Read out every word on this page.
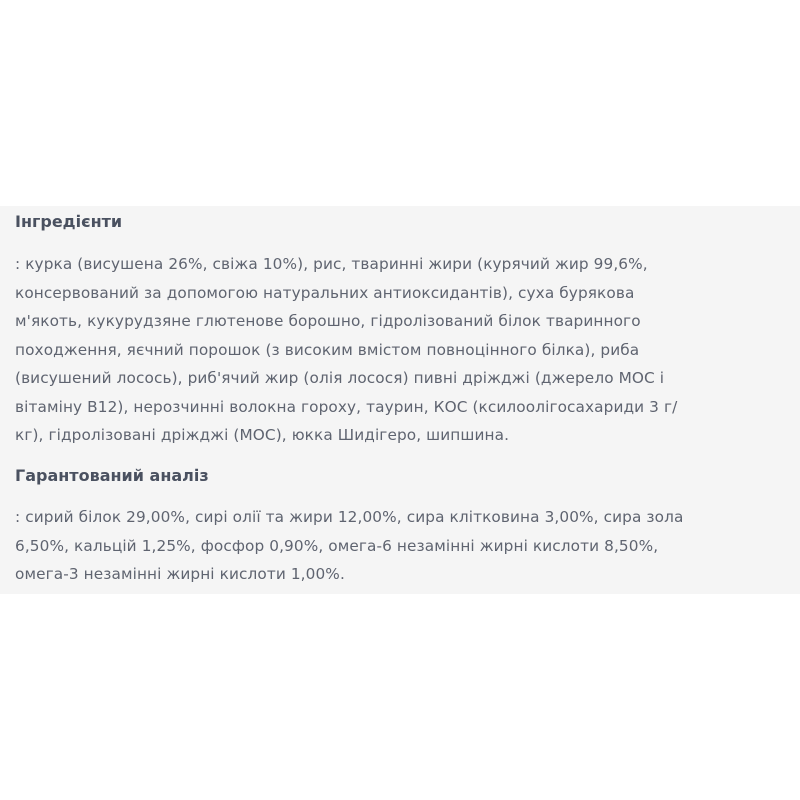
Інгредієнти

: курка (висушена 26%, свіжа 10%), рис, тваринні жири (курячий жир 99,6%,
консервований за допомогою натуральних антиоксидантів), суха бурякова
м'якоть, кукурудзяне глютенове борошно, гідролізований білок тваринного
походження, яєчний порошок (з високим вмістом повноцінного білка), риба
(висушений лосось), риб'ячий жир (олія лосося) пивні дріжджі (джерело МОС і
вітаміну В12), нерозчинні волокна гороху, таурин, КОС (ксилоолігосахариди 3 г/
кг), гідролізовані дріжджі (МОС), юкка Шидігеро, шипшина.

Гарантований аналіз

: сирий білок 29,00%, сирі олії та жири 12,00%, сира клітковина 3,00%, сира зола
6,50%, кальцій 1,25%, фосфор 0,90%, омега-6 незамінні жирні кислоти 8,50%,
омега-3 незамінні жирні кислоти 1,00%.
